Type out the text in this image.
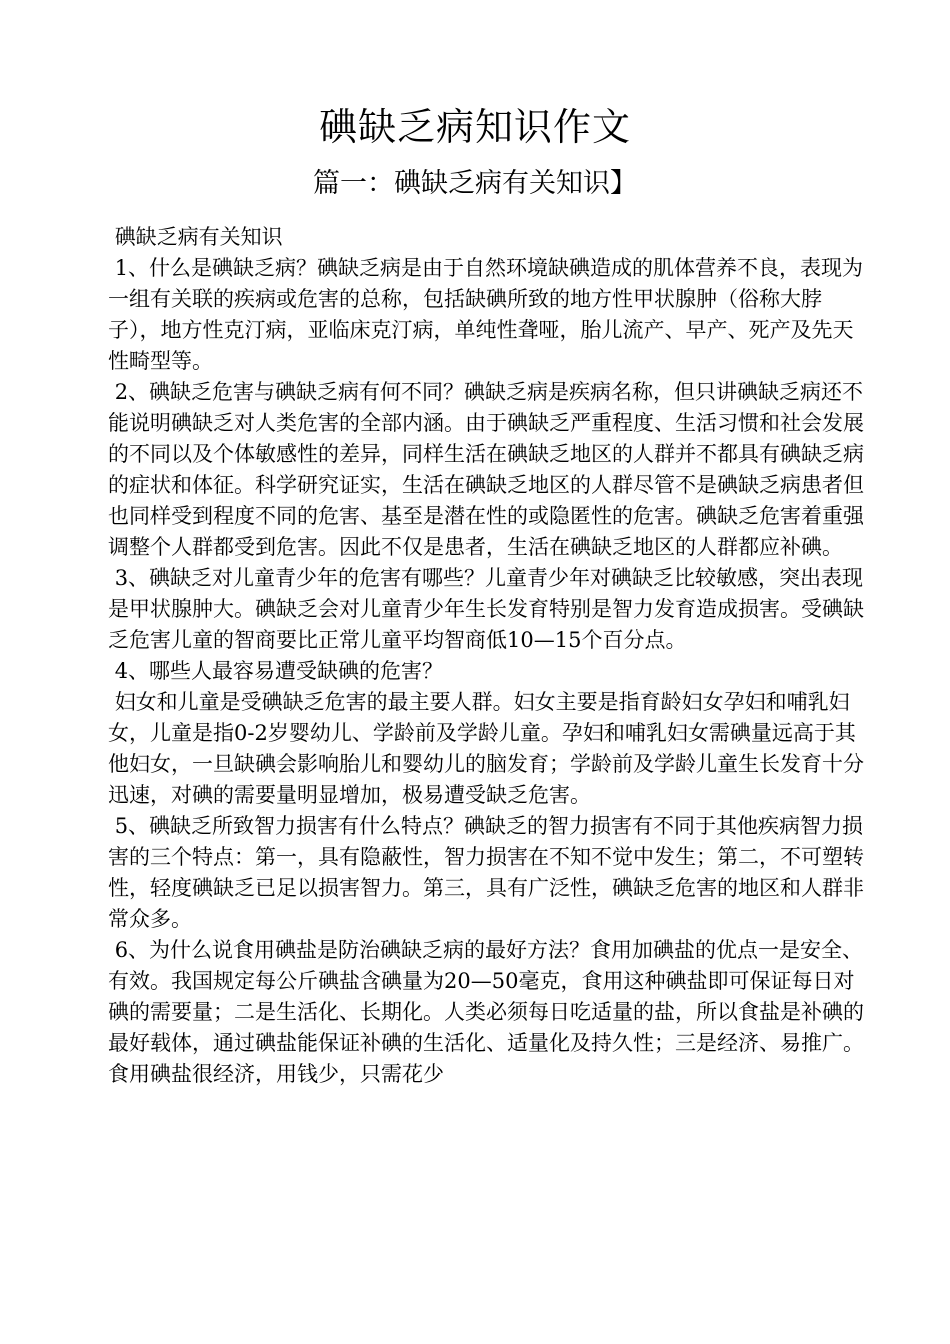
碘缺乏病知识作文
篇一：碘缺乏病有关知识】

碘缺乏病有关知识

1、什么是碘缺乏病？碘缺乏病是由于自然环境缺碘造成的肌体营养不良，表现为一组有关联的疾病或危害的总称，包括缺碘所致的地方性甲状腺肿（俗称大脖子），地方性克汀病，亚临床克汀病，单纯性聋哑，胎儿流产、早产、死产及先天性畸型等。

2、碘缺乏危害与碘缺乏病有何不同？碘缺乏病是疾病名称，但只讲碘缺乏病还不能说明碘缺乏对人类危害的全部内涵。由于碘缺乏严重程度、生活习惯和社会发展的不同以及个体敏感性的差异，同样生活在碘缺乏地区的人群并不都具有碘缺乏病的症状和体征。科学研究证实，生活在碘缺乏地区的人群尽管不是碘缺乏病患者但也同样受到程度不同的危害、基至是潜在性的或隐匿性的危害。碘缺乏危害着重强调整个人群都受到危害。因此不仅是患者，生活在碘缺乏地区的人群都应补碘。

3、碘缺乏对儿童青少年的危害有哪些？儿童青少年对碘缺乏比较敏感，突出表现是甲状腺肿大。碘缺乏会对儿童青少年生长发育特别是智力发育造成损害。受碘缺乏危害儿童的智商要比正常儿童平均智商低10—15个百分点。

4、哪些人最容易遭受缺碘的危害？

妇女和儿童是受碘缺乏危害的最主要人群。妇女主要是指育龄妇女孕妇和哺乳妇女，儿童是指0-2岁婴幼儿、学龄前及学龄儿童。孕妇和哺乳妇女需碘量远高于其他妇女，一旦缺碘会影响胎儿和婴幼儿的脑发育；学龄前及学龄儿童生长发育十分迅速，对碘的需要量明显增加，极易遭受缺乏危害。

5、碘缺乏所致智力损害有什么特点？碘缺乏的智力损害有不同于其他疾病智力损害的三个特点：第一，具有隐蔽性，智力损害在不知不觉中发生；第二，不可塑转性，轻度碘缺乏已足以损害智力。第三，具有广泛性，碘缺乏危害的地区和人群非常众多。

6、为什么说食用碘盐是防治碘缺乏病的最好方法？食用加碘盐的优点一是安全、有效。我国规定每公斤碘盐含碘量为20—50毫克，食用这种碘盐即可保证每日对碘的需要量；二是生活化、长期化。人类必须每日吃适量的盐，所以食盐是补碘的最好载体，通过碘盐能保证补碘的生活化、适量化及持久性；三是经济、易推广。食用碘盐很经济，用钱少，只需花少
